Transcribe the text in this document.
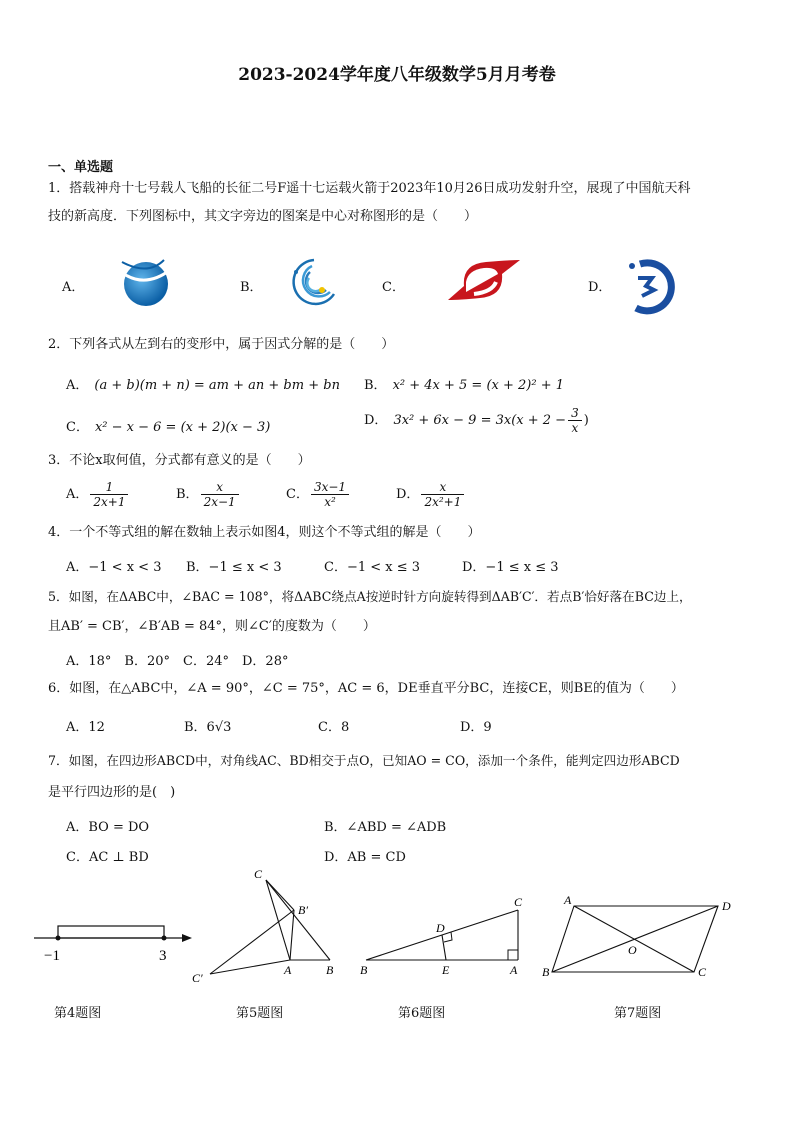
2023-2024学年度八年级数学5月月考卷
一、单选题
1．搭载神舟十七号载人飞船的长征二号F遥十七运载火箭于2023年10月26日成功发射升空，展现了中国航天科
技的新高度．下列图标中，其文字旁边的图案是中心对称图形的是（　　）
A．	B．	C．	D．
2．下列各式从左到右的变形中，属于因式分解的是（　　）
A． (a + b)(m + n) = am + an + bm + bn B． x² + 4x + 5 = (x + 2)² + 1
C． x² − x − 6 = (x + 2)(x − 3)	D． $3x^2 + 6x - 9 = 3x(x + 2 - \frac{3}{x}$ )
3．不论x取何值，分式都有意义的是（　　）
A． $\frac{1}{2x+1}$	B． $\frac{x}{2x-1}$	C． $\frac{3x-1}{\text{x²}}$	D． $\frac{x}{\text{2x²+1}}$
4．一个不等式组的解在数轴上表示如图4，则这个不等式组的解是（　　）
A．−1 < x < 3 B．−1 ≤ x < 3	C．−1 < x ≤ 3	D．−1 ≤ x ≤ 3
5．如图，在ΔABC中，∠BAC = 108°，将ΔABC绕点A按逆时针方向旋转得到ΔAB′C′．若点B′恰好落在BC边上，
且AB′ = CB′，∠B′AB = 84°，则∠C′的度数为（　　）
A．18°　B．20°　C．24°　D．28°
6．如图，在△ABC中，∠A = 90°，∠C = 75°，AC = 6，DE垂直平分BC，连接CE，则BE的值为（　　）
A．12	B．6√3	C．8	D．9
7．如图，在四边形ABCD中，对角线AC、BD相交于点O，已知AO = CO，添加一个条件，能判定四边形ABCD
是平行四边形的是(　)
A．BO = DO	B．∠ABD = ∠ADB
C．AC ⊥ BD	D．AB = CD
−1	3
C
B′
C′
A	B
C
D
B	E	A
A	D
O
B	C
第4题图	第5题图	第6题图	第7题图
